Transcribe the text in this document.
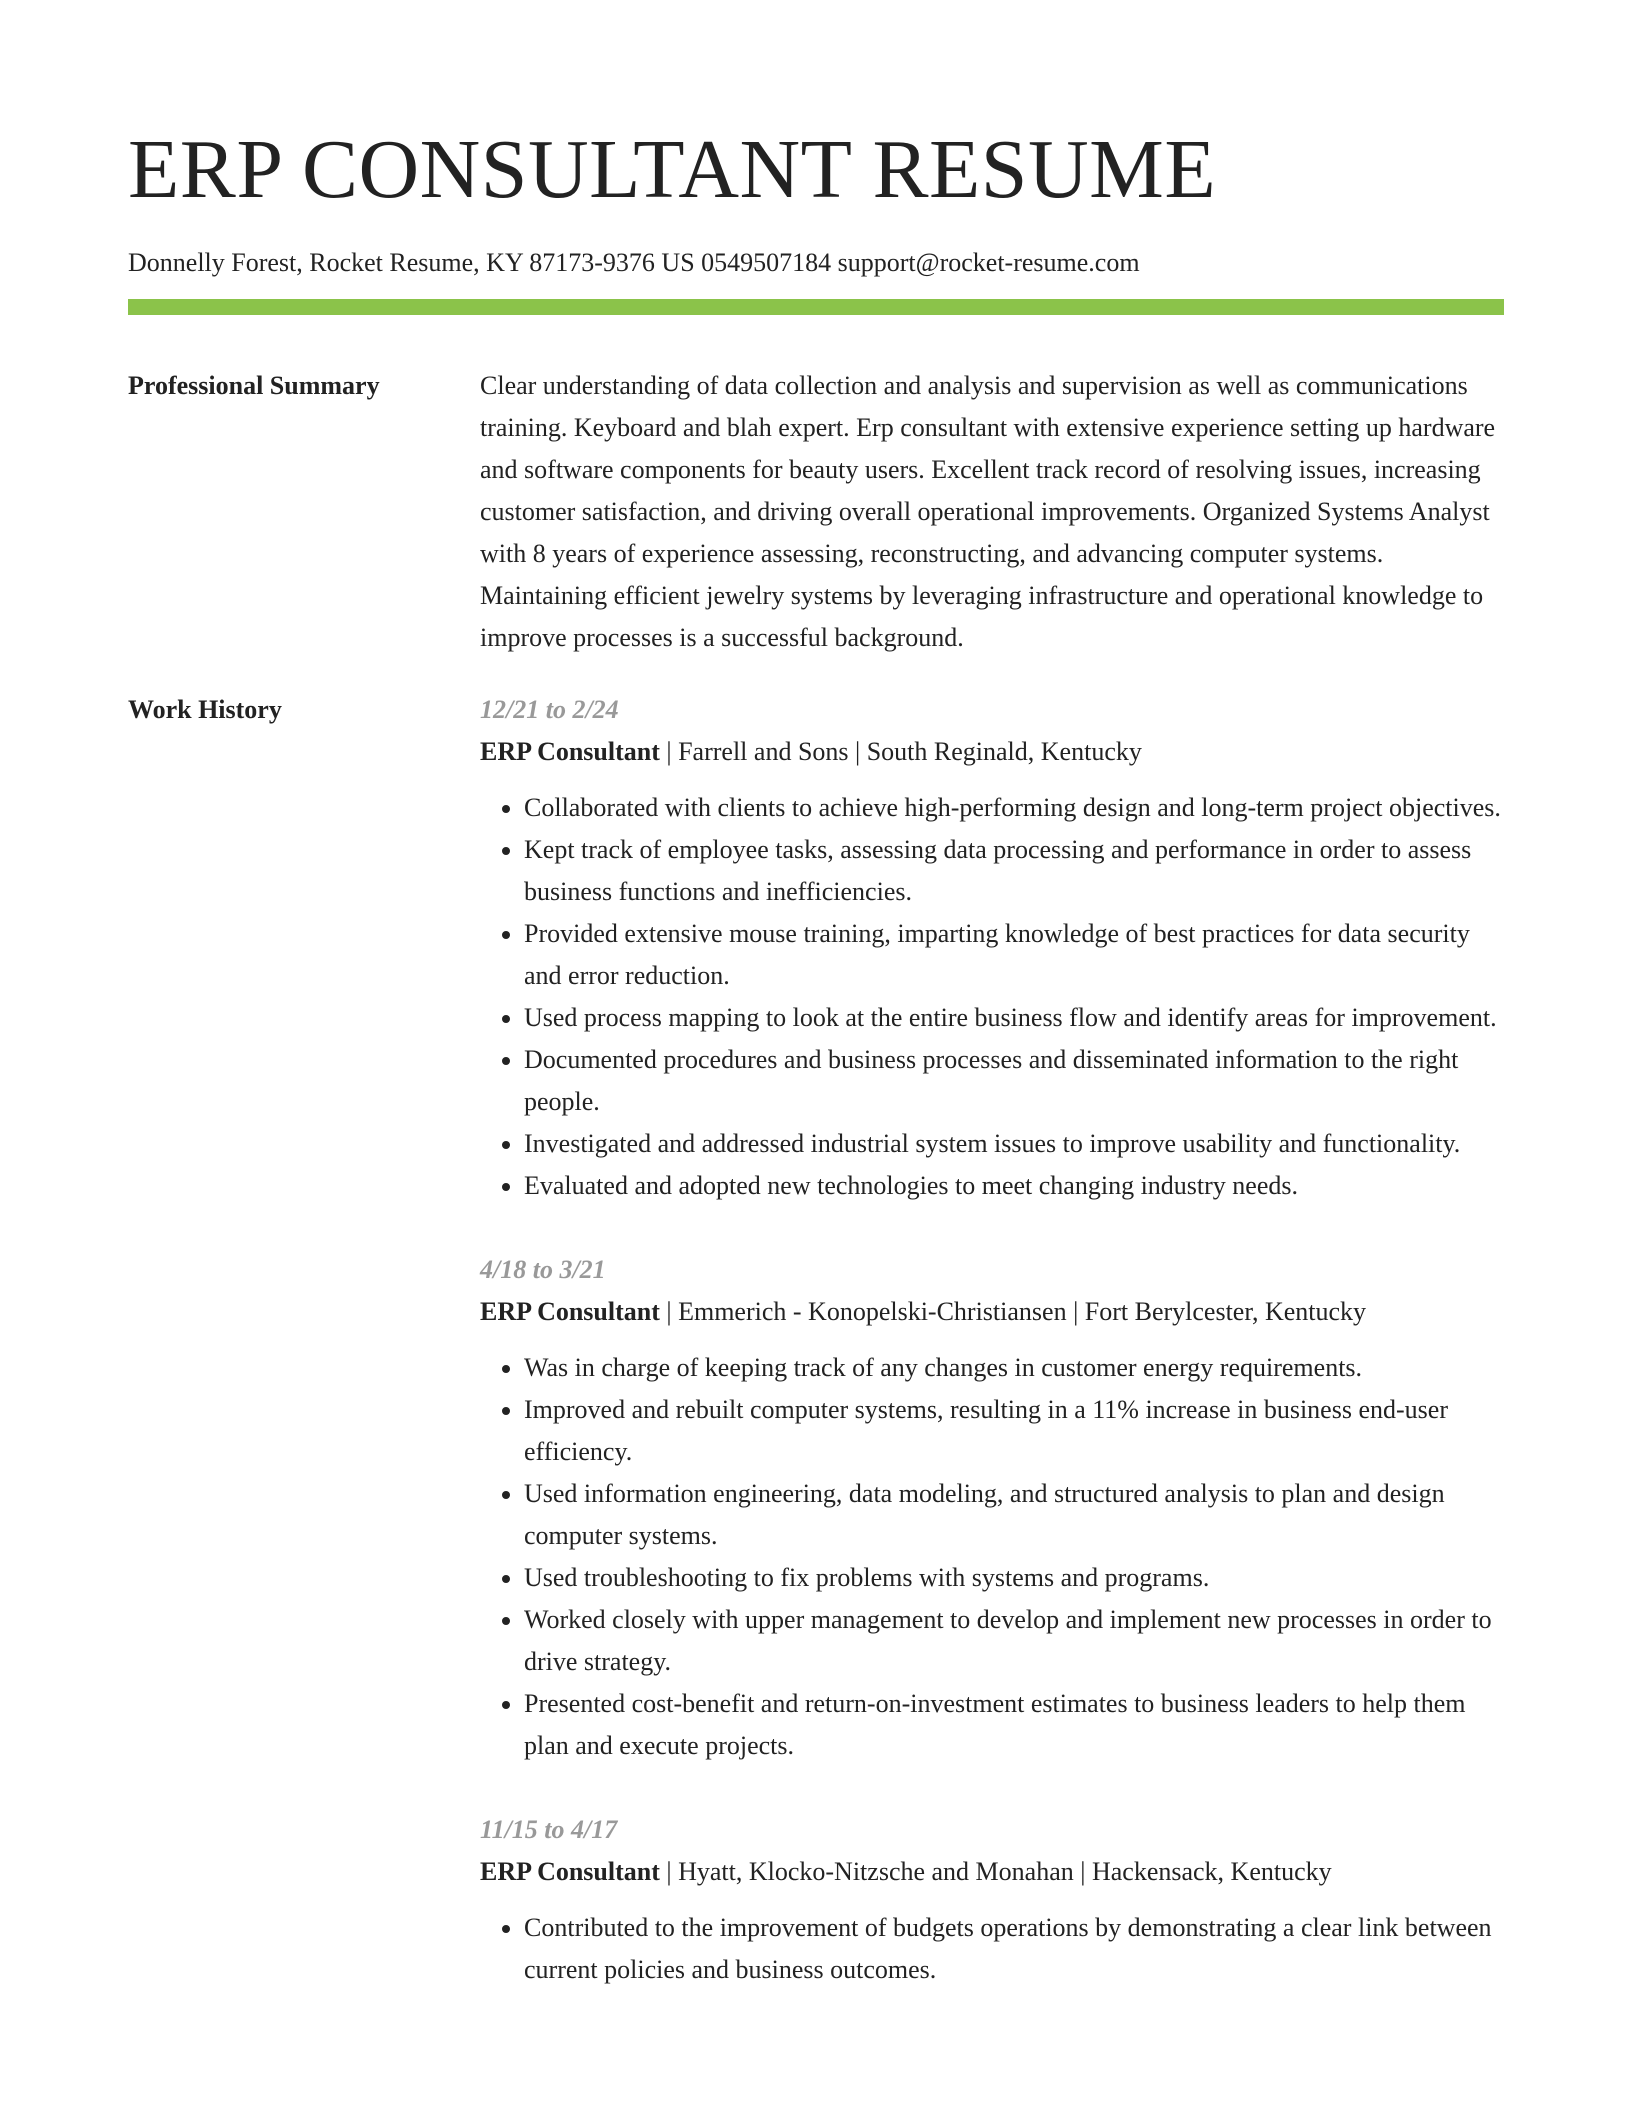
ERP CONSULTANT RESUME
Donnelly Forest, Rocket Resume, KY 87173-9376 US 0549507184 support@rocket-resume.com
Professional Summary	Clear understanding of data collection and analysis and supervision as well as communications training. Keyboard and blah expert. Erp consultant with extensive experience setting up hardware and software components for beauty users. Excellent track record of resolving issues, increasing customer satisfaction, and driving overall operational improvements. Organized Systems Analyst with 8 years of experience assessing, reconstructing, and advancing computer systems. Maintaining efficient jewelry systems by leveraging infrastructure and operational knowledge to improve processes is a successful background.

Work History	12/21 to 2/24
ERP Consultant | Farrell and Sons | South Reginald, Kentucky
• Collaborated with clients to achieve high-performing design and long-term project objectives.
• Kept track of employee tasks, assessing data processing and performance in order to assess business functions and inefficiencies.
• Provided extensive mouse training, imparting knowledge of best practices for data security and error reduction.
• Used process mapping to look at the entire business flow and identify areas for improvement.
• Documented procedures and business processes and disseminated information to the right people.
• Investigated and addressed industrial system issues to improve usability and functionality.
• Evaluated and adopted new technologies to meet changing industry needs.
4/18 to 3/21
ERP Consultant | Emmerich - Konopelski-Christiansen | Fort Berylcester, Kentucky
• Was in charge of keeping track of any changes in customer energy requirements.
• Improved and rebuilt computer systems, resulting in a 11% increase in business end-user efficiency.
• Used information engineering, data modeling, and structured analysis to plan and design computer systems.
• Used troubleshooting to fix problems with systems and programs.
• Worked closely with upper management to develop and implement new processes in order to drive strategy.
• Presented cost-benefit and return-on-investment estimates to business leaders to help them plan and execute projects.
11/15 to 4/17
ERP Consultant | Hyatt, Klocko-Nitzsche and Monahan | Hackensack, Kentucky
• Contributed to the improvement of budgets operations by demonstrating a clear link between current policies and business outcomes.
